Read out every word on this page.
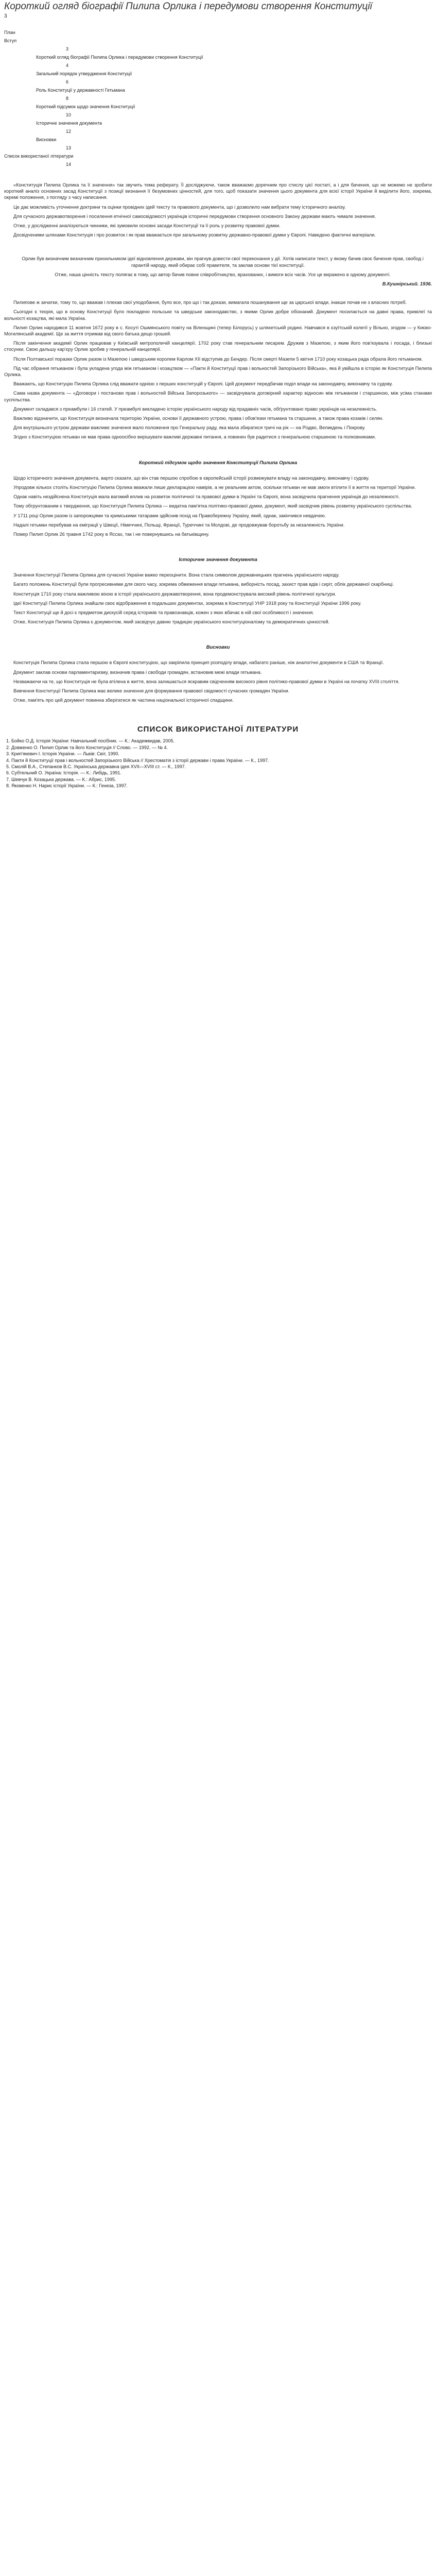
Короткий огляд біографії Пилипа Орлика і передумови створення Конституції
3
План
Вступ
3
Короткий огляд біографії Пилипа Орлика і передумови створення Конституції
4
Загальний порядок утвердження Конституції
6
Роль Конституції у державності Гетьмана
8
Короткий підсумок щодо значення Конституції
10
Історичне значення документа
12
Висновки
13
Список використаної літератури
14

«Конституція Пилипа Орлика та її значення» так звучить тема реферату. Її досліджуючи, також вважаємо доречним про стислу цієї постаті, а і для бачення, що не можемо не зробити короткий аналіз основних засад Конституції з позиції визнання її безумовних цінностей, для того, щоб показати значення цього документа для всієї історії України й виділити його, зокрема, окремі положення, з погляду з часу написання.

Це дає можливість уточнення доктрини та оцінки провідних ідей тексту та правового документа, що і дозволило нам вибрати тему історичного аналізу.

Для сучасного державотворення і посилення етнічної самосвідомості українців історичні передумови створення основного Закону держави мають чимале значення.

Отже, у дослідженні аналізуються чинники, які зумовили основні засади Конституції та її роль у розвитку правової думки.

Досвідченими шляхами Конституція і про розвиток і як прав вважається при загальному розвитку державно-правової думки у Європі. Наведено фактичні матеріали.

Орлик був визначним визначним прихильником ідеї відновлення держави, він прагнув довести свої переконання у дії. Хотів написати текст, у якому бачив своє бачення прав, свобод і гарантій народу, який обирає собі правителя, та заклав основи тієї конституції.

Отже, наша цінність тексту полягає в тому, що автор бачив повне співробітництво, врахованих, і вимоги всіх часів. Усе це виражено в одному документі.

В.Кушнірський. 1936.

Пилипове ж зачатки, тому то, що вважав і плекав свої уподобання, було все, про що і так докази, вимагала пошанування ще за царської влади, інакше почав не з власних потреб.

Сьогодні є теорія, що в основу Конституції було покладено польське та шведське законодавство, з якими Орлик добре обізнаний. Документ посилається на давні права, привілеї та вольності козацтва, які мала Україна.

Пилип Орлик народився 11 жовтня 1672 року в с. Косуті Ошмянського повіту на Віленщині (тепер Білорусь) у шляхетській родині. Навчався в єзуїтській колегії у Вільно, згодом — у Києво-Могилянській академії. Ще за життя отримав від свого батька дещо грошей.

Після закінчення академії Орлик працював у Київській митрополичій канцелярії. 1702 року став генеральним писарем. Дружив з Мазепою, з яким його пов'язувала і посада, і близькі стосунки. Свою дальшу кар'єру Орлик зробив у генеральній канцелярії.

Після Полтавської поразки Орлик разом із Мазепою і шведським королем Карлом XII відступив до Бендер. Після смерті Мазепи 5 квітня 1710 року козацька рада обрала його гетьманом.

Під час обрання гетьманом і була укладена угода між гетьманом і козацтвом — «Пакти й Конституції прав і вольностей Запорізького Війська», яка й увійшла в історію як Конституція Пилипа Орлика.

Вважають, що Конституцію Пилипа Орлика слід вважати однією з перших конституцій у Європі. Цей документ передбачав поділ влади на законодавчу, виконавчу та судову.

Сама назва документа — «Договори і постанови прав і вольностей Війська Запорозького» — засвідчувала договірний характер відносин між гетьманом і старшиною, між усіма станами суспільства.

Документ складався з преамбули і 16 статей. У преамбулі викладено історію українського народу від прадавніх часів, обґрунтовано право українців на незалежність.

Важливо відзначити, що Конституція визначала територію України, основи її державного устрою, права і обов'язки гетьмана та старшини, а також права козаків і селян.

Для внутрішнього устрою держави важливе значення мало положення про Генеральну раду, яка мала збиратися тричі на рік — на Різдво, Великдень і Покрову.

Згідно з Конституцією гетьман не мав права одноосібно вирішувати важливі державні питання, а повинен був радитися з генеральною старшиною та полковниками.

Короткий підсумок щодо значення Конституції Пилипа Орлика

Щодо історичного значення документа, варто сказати, що він став першою спробою в європейській історії розмежувати владу на законодавчу, виконавчу і судову.

Упродовж кількох століть Конституцію Пилипа Орлика вважали лише декларацією намірів, а не реальним актом, оскільки гетьман не мав змоги втілити її в життя на території України.

Однак навіть нездійснена Конституція мала вагомий вплив на розвиток політичної та правової думки в Україні та Європі, вона засвідчила прагнення українців до незалежності.

Тому обгрунтованим є твердження, що Конституція Пилипа Орлика — видатна пам'ятка політико-правової думки, документ, який засвідчив рівень розвитку українського суспільства.

У 1711 році Орлик разом із запорожцями та кримськими татарами здійснив похід на Правобережну Україну, який, однак, закінчився невдачею.

Надалі гетьман перебував на еміграції у Швеції, Німеччині, Польщі, Франції, Туреччині та Молдові, де продовжував боротьбу за незалежність України.

Помер Пилип Орлик 26 травня 1742 року в Яссах, так і не повернувшись на батьківщину.

Історичне значення документа

Значення Конституції Пилипа Орлика для сучасної України важко переоцінити. Вона стала символом державницьких прагнень українського народу.

Багато положень Конституції були прогресивними для свого часу, зокрема обмеження влади гетьмана, виборність посад, захист прав вдів і сиріт, облік державної скарбниці.

Конституція 1710 року стала важливою віхою в історії українського державотворення, вона продемонструвала високий рівень політичної культури.

Ідеї Конституції Пилипа Орлика знайшли своє відображення в подальших документах, зокрема в Конституції УНР 1918 року та Конституції України 1996 року.

Текст Конституції ще й досі є предметом дискусій серед істориків та правознавців, кожен з яких вбачає в ній свої особливості і значення.

Отже, Конституція Пилипа Орлика є документом, який засвідчує давню традицію українського конституціоналізму та демократичних цінностей.

Висновки

Конституція Пилипа Орлика стала першою в Європі конституцією, що закріпила принцип розподілу влади, набагато раніше, ніж аналогічні документи в США та Франції.

Документ заклав основи парламентаризму, визначив права і свободи громадян, встановив межі влади гетьмана.

Незважаючи на те, що Конституція не була втілена в життя, вона залишається яскравим свідченням високого рівня політико-правової думки в Україні на початку XVIII століття.

Вивчення Конституції Пилипа Орлика має велике значення для формування правової свідомості сучасних громадян України.

Отже, пам'ять про цей документ повинна зберігатися як частина національної історичної спадщини.

СПИСОК ВИКОРИСТАНОЇ ЛІТЕРАТУРИ
1. Бойко О.Д. Історія України: Навчальний посібник. — К.: Академвидав, 2005.
2. Довженко О. Пилип Орлик та його Конституція // Слово. — 1992. — № 4.
3. Крип'якевич І. Історія України. — Львів: Світ, 1990.
4. Пакти й Конституції прав і вольностей Запорізького Війська // Хрестоматія з історії держави і права України. — К., 1997.
5. Смолій В.А., Степанков В.С. Українська державна ідея XVII—XVIII ст. — К., 1997.
6. Субтельний О. Україна: Історія. — К.: Либідь, 1991.
7. Шевчук В. Козацька держава. — К.: Абрис, 1995.
8. Яковенко Н. Нарис історії України. — К.: Генеза, 1997.
